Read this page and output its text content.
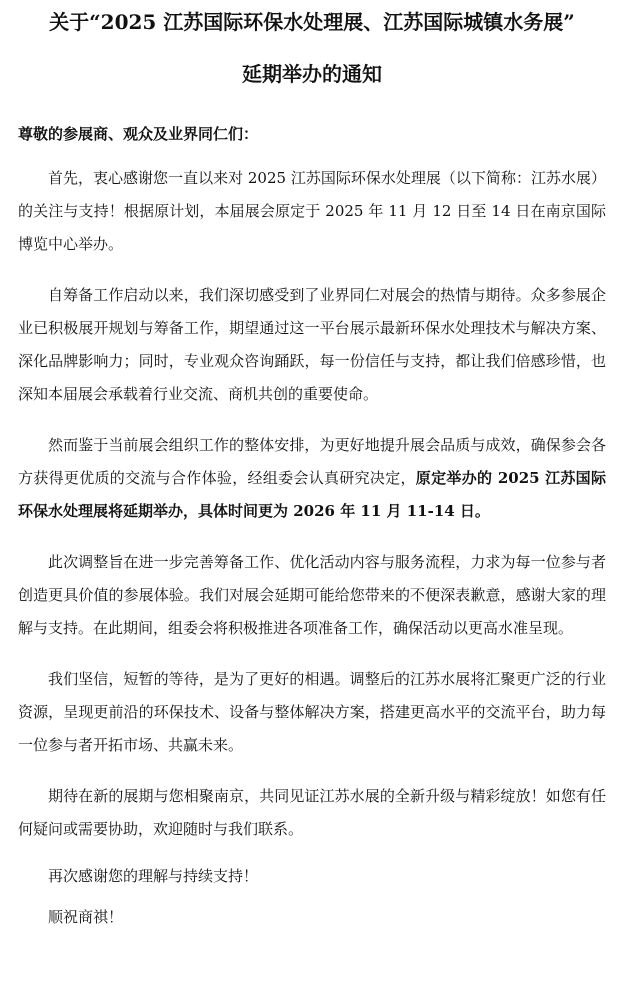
关于“2025 江苏国际环保水处理展、江苏国际城镇水务展”
延期举办的通知

尊敬的参展商、观众及业界同仁们：

首先，衷心感谢您一直以来对 2025 江苏国际环保水处理展（以下简称：江苏水展）的关注与支持！根据原计划，本届展会原定于 2025 年 11 月 12 日至 14 日在南京国际博览中心举办。

自筹备工作启动以来，我们深切感受到了业界同仁对展会的热情与期待。众多参展企业已积极展开规划与筹备工作，期望通过这一平台展示最新环保水处理技术与解决方案、深化品牌影响力；同时，专业观众咨询踊跃，每一份信任与支持，都让我们倍感珍惜，也深知本届展会承载着行业交流、商机共创的重要使命。

然而鉴于当前展会组织工作的整体安排，为更好地提升展会品质与成效，确保参会各方获得更优质的交流与合作体验，经组委会认真研究决定，原定举办的 2025 江苏国际环保水处理展将延期举办，具体时间更为 2026 年 11 月 11-14 日。

此次调整旨在进一步完善筹备工作、优化活动内容与服务流程，力求为每一位参与者创造更具价值的参展体验。我们对展会延期可能给您带来的不便深表歉意，感谢大家的理解与支持。在此期间，组委会将积极推进各项准备工作，确保活动以更高水准呈现。

我们坚信，短暂的等待，是为了更好的相遇。调整后的江苏水展将汇聚更广泛的行业资源，呈现更前沿的环保技术、设备与整体解决方案，搭建更高水平的交流平台，助力每一位参与者开拓市场、共赢未来。

期待在新的展期与您相聚南京，共同见证江苏水展的全新升级与精彩绽放！如您有任何疑问或需要协助，欢迎随时与我们联系。

再次感谢您的理解与持续支持！

顺祝商祺！
